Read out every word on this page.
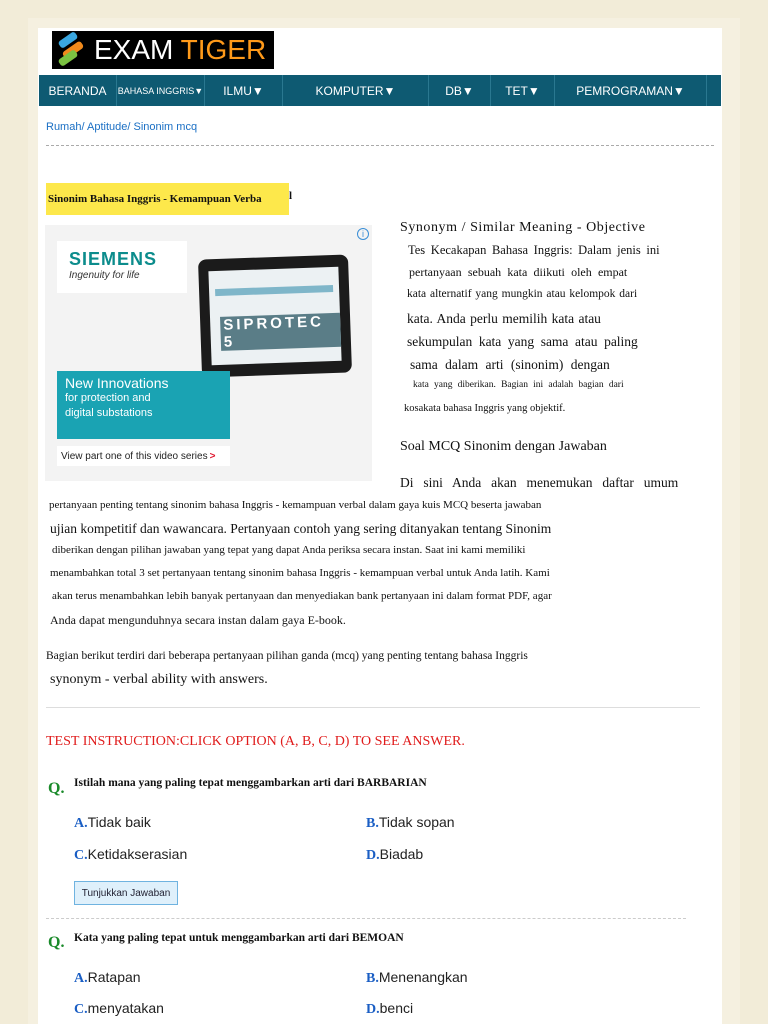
EXAM TIGER
BERANDA	BAHASA INGGRIS▼	ILMU▼	KOMPUTER▼	DB▼	TET▼	PEMROGRAMAN▼
Rumah/ Aptitude/ Sinonim mcq
Sinonim Bahasa Inggris - Kemampuan Verba	l
i
SIEMENS
Ingenuity for life
SIPROTEC 5
New Innovations
for protection and
digital substations
View part one of this video series >
Synonym / Similar Meaning - Objective
Tes Kecakapan Bahasa Inggris: Dalam jenis ini
pertanyaan sebuah kata diikuti oleh empat
kata alternatif yang mungkin atau kelompok dari
kata. Anda perlu memilih kata atau
sekumpulan kata yang sama atau paling
sama dalam arti (sinonim) dengan
kata yang diberikan. Bagian ini adalah bagian dari
kosakata bahasa Inggris yang objektif.
Soal MCQ Sinonim dengan Jawaban
Di sini Anda akan menemukan daftar umum
pertanyaan penting tentang sinonim bahasa Inggris - kemampuan verbal dalam gaya kuis MCQ beserta jawaban
ujian kompetitif dan wawancara. Pertanyaan contoh yang sering ditanyakan tentang Sinonim
diberikan dengan pilihan jawaban yang tepat yang dapat Anda periksa secara instan. Saat ini kami memiliki
menambahkan total 3 set pertanyaan tentang sinonim bahasa Inggris - kemampuan verbal untuk Anda latih. Kami
akan terus menambahkan lebih banyak pertanyaan dan menyediakan bank pertanyaan ini dalam format PDF, agar
Anda dapat mengunduhnya secara instan dalam gaya E-book.
Bagian berikut terdiri dari beberapa pertanyaan pilihan ganda (mcq) yang penting tentang bahasa Inggris
synonym - verbal ability with answers.
TEST INSTRUCTION:CLICK OPTION (A, B, C, D) TO SEE ANSWER.
Q. Istilah mana yang paling tepat menggambarkan arti dari BARBARIAN
A.Tidak baik	B.Tidak sopan
C.Ketidakserasian	D.Biadab
Tunjukkan Jawaban
Q. Kata yang paling tepat untuk menggambarkan arti dari BEMOAN
A.Ratapan	B.Menenangkan
C.menyatakan	D.benci
